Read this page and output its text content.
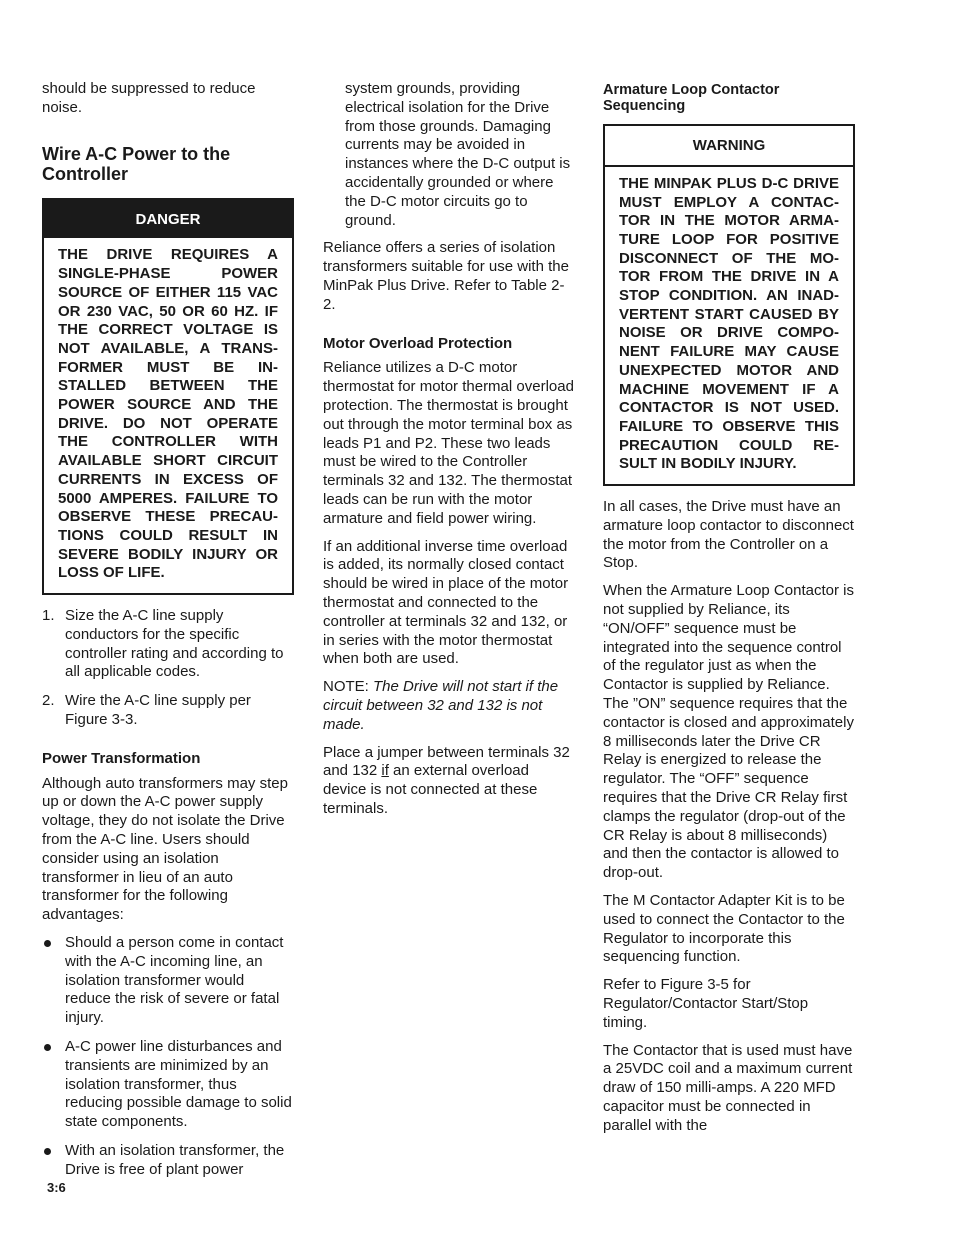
should be suppressed to reduce noise.

Wire A-C Power to the Controller
DANGER
THE DRIVE REQUIRES A SINGLE-PHASE POWER SOURCE OF EITHER 115 VAC OR 230 VAC, 50 OR 60 HZ. IF THE CORRECT VOLTAGE IS NOT AVAILABLE, A TRANS-FORMER MUST BE IN-STALLED BETWEEN THE POWER SOURCE AND THE DRIVE. DO NOT OPERATE THE CONTROLLER WITH AVAILABLE SHORT CIRCUIT CURRENTS IN EXCESS OF 5000 AMPERES. FAILURE TO OBSERVE THESE PRECAU-TIONS COULD RESULT IN SEVERE BODILY INJURY OR LOSS OF LIFE.
1. Size the A-C line supply conductors for the specific controller rating and according to all applicable codes.
2. Wire the A-C line supply per Figure 3-3.
Power Transformation

Although auto transformers may step up or down the A-C power supply voltage, they do not isolate the Drive from the A-C line. Users should consider using an isolation transformer in lieu of an auto transformer for the following advantages:

Should a person come in contact with the A-C incoming line, an isolation transformer would reduce the risk of severe or fatal injury.
A-C power line disturbances and transients are minimized by an isolation transformer, thus reducing possible damage to solid state components.
With an isolation transformer, the Drive is free of plant power

system grounds, providing electrical isolation for the Drive from those grounds. Damaging currents may be avoided in instances where the D-C output is accidentally grounded or where the D-C motor circuits go to ground.

Reliance offers a series of isolation transformers suitable for use with the MinPak Plus Drive. Refer to Table 2-2.

Motor Overload Protection

Reliance utilizes a D-C motor thermostat for motor thermal overload protection. The thermostat is brought out through the motor terminal box as leads P1 and P2. These two leads must be wired to the Controller terminals 32 and 132. The thermostat leads can be run with the motor armature and field power wiring.

If an additional inverse time overload is added, its normally closed contact should be wired in place of the motor thermostat and connected to the controller at terminals 32 and 132, or in series with the motor thermostat when both are used.

NOTE: The Drive will not start if the circuit between 32 and 132 is not made.

Place a jumper between terminals 32 and 132 if an external overload device is not connected at these terminals.

Armature Loop Contactor Sequencing
WARNING
THE MINPAK PLUS D-C DRIVE MUST EMPLOY A CONTAC-TOR IN THE MOTOR ARMA-TURE LOOP FOR POSITIVE DISCONNECT OF THE MO-TOR FROM THE DRIVE IN A STOP CONDITION. AN INAD-VERTENT START CAUSED BY NOISE OR DRIVE COMPO-NENT FAILURE MAY CAUSE UNEXPECTED MOTOR AND MACHINE MOVEMENT IF A CONTACTOR IS NOT USED. FAILURE TO OBSERVE THIS PRECAUTION COULD RE-SULT IN BODILY INJURY.

In all cases, the Drive must have an armature loop contactor to disconnect the motor from the Controller on a Stop.

When the Armature Loop Contactor is not supplied by Reliance, its “ON/OFF” sequence must be integrated into the sequence control of the regulator just as when the Contactor is supplied by Reliance. The ”ON” sequence requires that the contactor is closed and approximately 8 milliseconds later the Drive CR Relay is energized to release the regulator. The “OFF” sequence requires that the Drive CR Relay first clamps the regulator (drop-out of the CR Relay is about 8 milliseconds) and then the contactor is allowed to drop-out.

The M Contactor Adapter Kit is to be used to connect the Contactor to the Regulator to incorporate this sequencing function.

Refer to Figure 3-5 for Regulator/Contactor Start/Stop timing.

The Contactor that is used must have a 25VDC coil and a maximum current draw of 150 milli-amps. A 220 MFD capacitor must be connected in parallel with the

3:6
